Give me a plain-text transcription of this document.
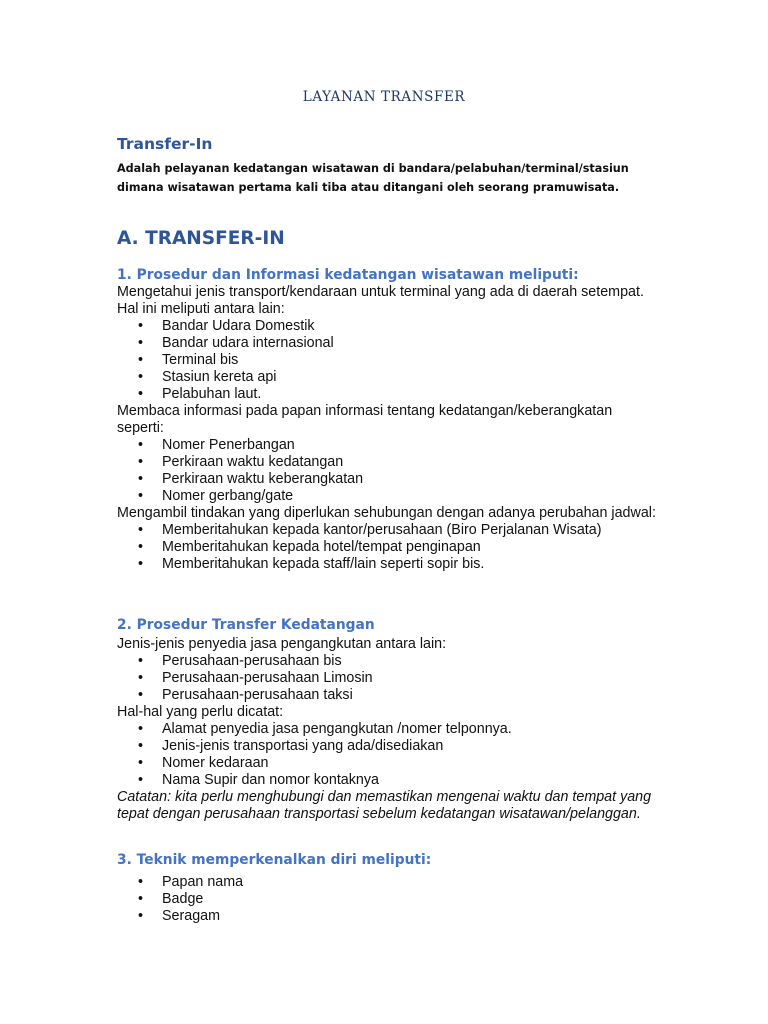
LAYANAN TRANSFER
Transfer-In

Adalah pelayanan kedatangan wisatawan di bandara/pelabuhan/terminal/stasiun dimana wisatawan pertama kali tiba atau ditangani oleh seorang pramuwisata.

A. TRANSFER-IN
1. Prosedur dan Informasi kedatangan wisatawan meliputi:

Mengetahui jenis transport/kendaraan untuk terminal yang ada di daerah setempat. Hal ini meliputi antara lain:

• Bandar Udara Domestik
• Bandar udara internasional
• Terminal bis
• Stasiun kereta api
• Pelabuhan laut.

Membaca informasi pada papan informasi tentang kedatangan/keberangkatan seperti:

• Nomer Penerbangan
• Perkiraan waktu kedatangan
• Perkiraan waktu keberangkatan
• Nomer gerbang/gate

Mengambil tindakan yang diperlukan sehubungan dengan adanya perubahan jadwal:

• Memberitahukan kepada kantor/perusahaan (Biro Perjalanan Wisata)
• Memberitahukan kepada hotel/tempat penginapan
• Memberitahukan kepada staff/lain seperti sopir bis.
2. Prosedur Transfer Kedatangan

Jenis-jenis penyedia jasa pengangkutan antara lain:

• Perusahaan-perusahaan bis
• Perusahaan-perusahaan Limosin
• Perusahaan-perusahaan taksi

Hal-hal yang perlu dicatat:

• Alamat penyedia jasa pengangkutan /nomer telponnya.
• Jenis-jenis transportasi yang ada/disediakan
• Nomer kedaraan
• Nama Supir dan nomor kontaknya

Catatan: kita perlu menghubungi dan memastikan mengenai waktu dan tempat yang tepat dengan perusahaan transportasi sebelum kedatangan wisatawan/pelanggan.

3. Teknik memperkenalkan diri meliputi:
• Papan nama
• Badge
• Seragam
